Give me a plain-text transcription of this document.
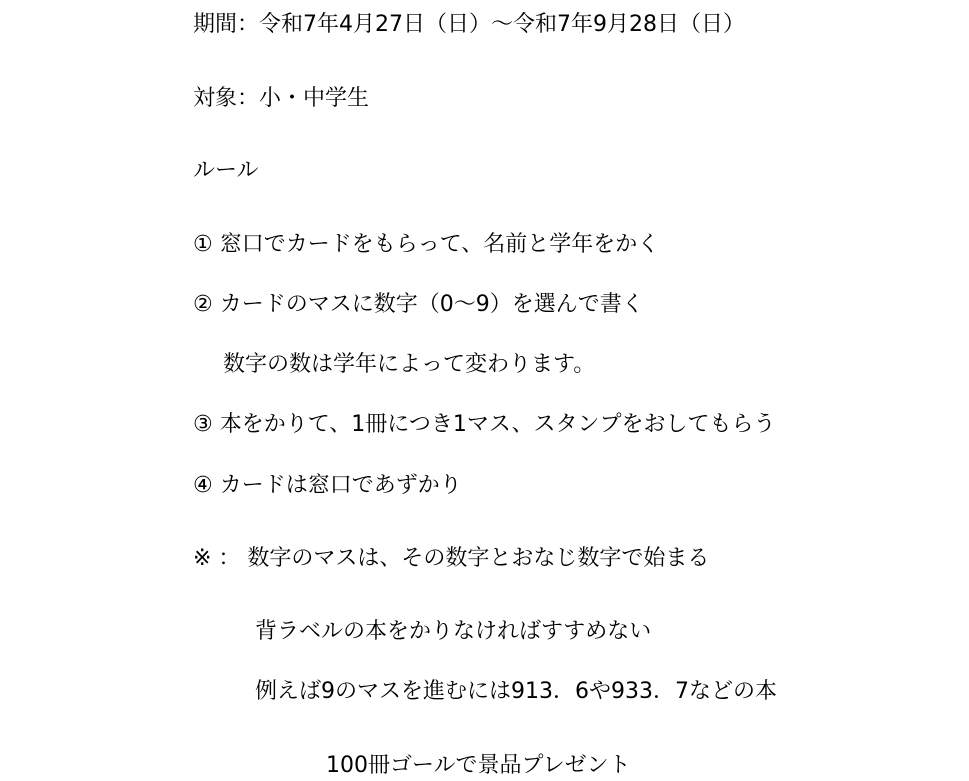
期間：令和7年4月27日（日）～令和7年9月28日（日）
対象：小・中学生
ルール
① 窓口でカードをもらって、名前と学年をかく
② カードのマスに数字（0～9）を選んで書く
数字の数は学年によって変わります。
③ 本をかりて、1冊につき1マス、スタンプをおしてもらう
④ カードは窓口であずかり
※ ： 数字のマスは、その数字とおなじ数字で始まる
背ラベルの本をかりなければすすめない
例えば9のマスを進むには913．6や933．7などの本
100冊ゴールで景品プレゼント
